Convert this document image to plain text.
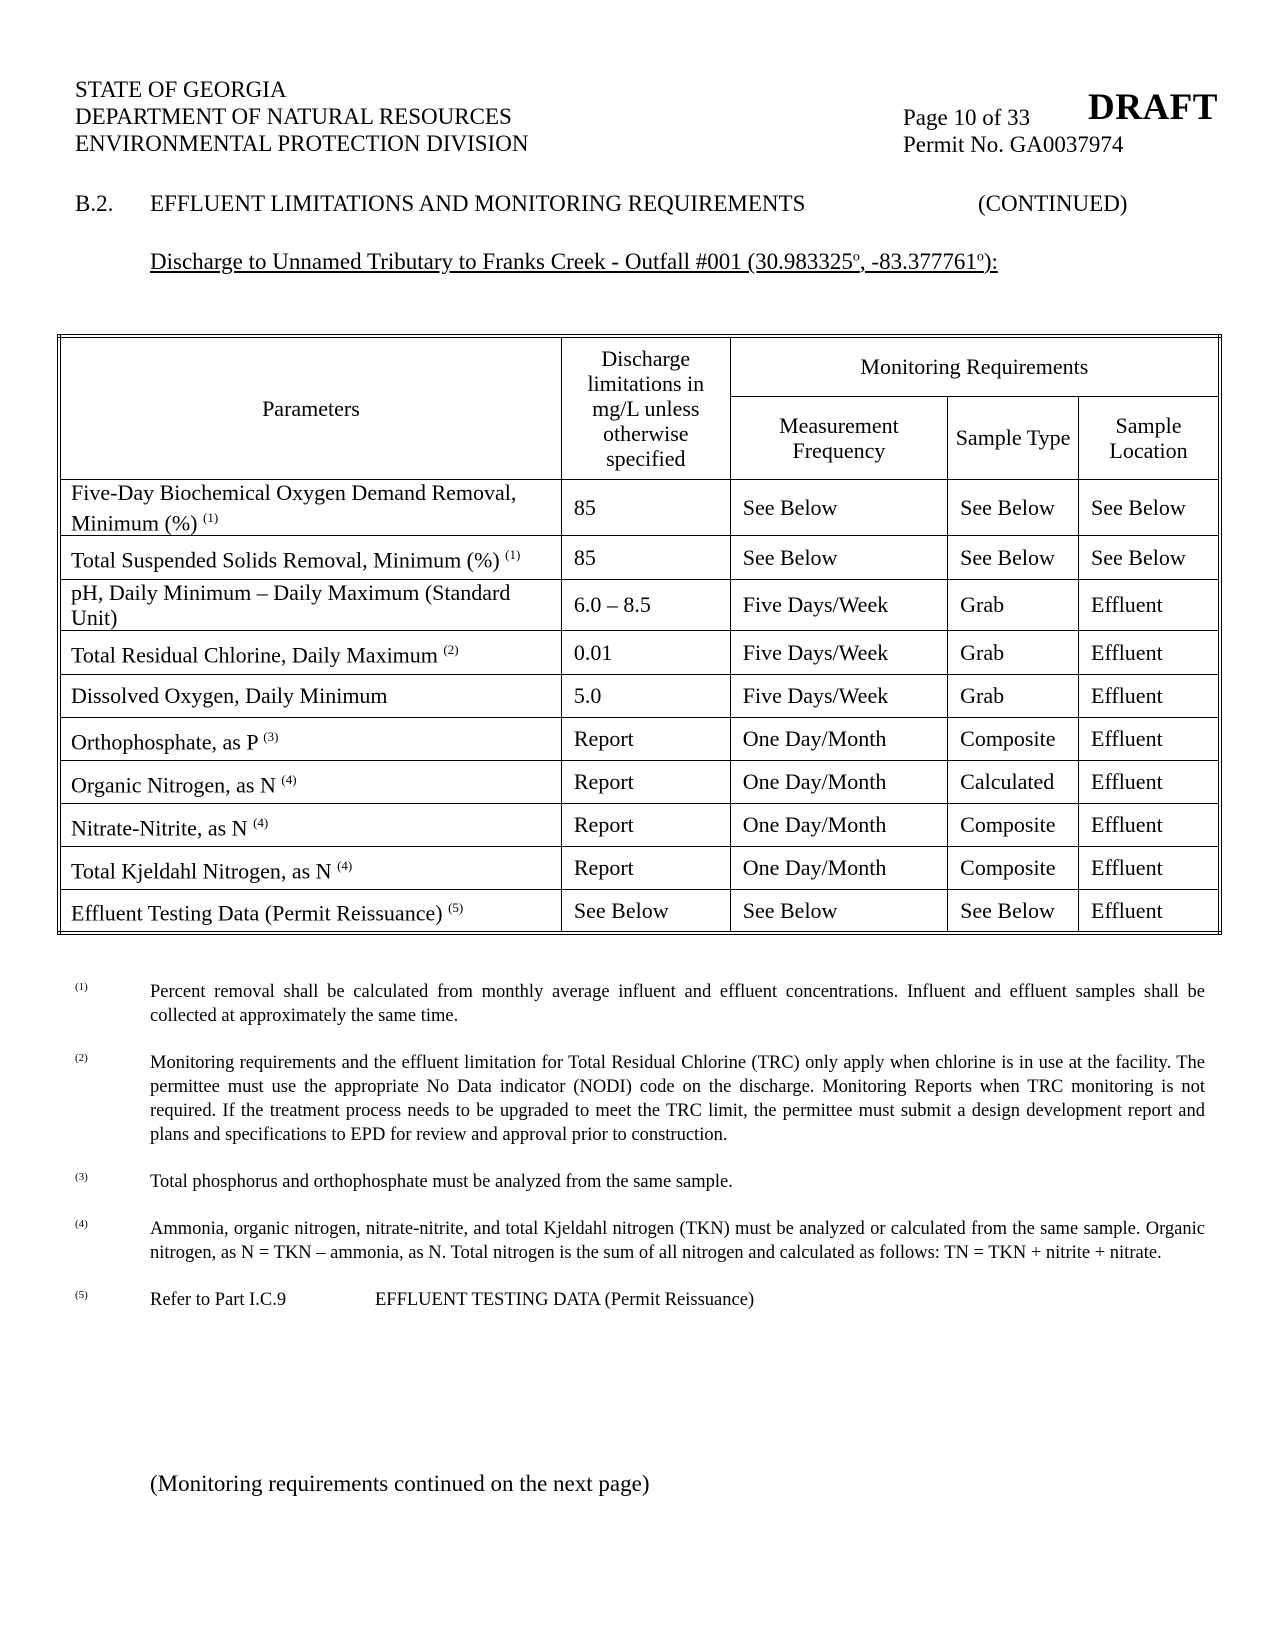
STATE OF GEORGIA
DEPARTMENT OF NATURAL RESOURCES
ENVIRONMENTAL PROTECTION DIVISION
Page 10 of 33
Permit No. GA0037974
DRAFT
B.2. EFFLUENT LIMITATIONS AND MONITORING REQUIREMENTS	(CONTINUED)
Discharge to Unnamed Tributary to Franks Creek - Outfall #001 (30.983325$^o$, -83.377761$^o$):
Parameters	Discharge limitations in mg/L unless otherwise specified	Monitoring Requirements		
		Measurement Frequency	Sample Type	Sample Location
Five-Day Biochemical Oxygen Demand Removal, Minimum (%) $^{(1)}$	85	See Below	See Below	See Below
Total Suspended Solids Removal, Minimum (%) $^{(1)}$	85	See Below	See Below	See Below
pH, Daily Minimum – Daily Maximum (Standard Unit)	6.0 – 8.5	Five Days/Week	Grab	Effluent
Total Residual Chlorine, Daily Maximum $^{(2)}$	0.01	Five Days/Week	Grab	Effluent
Dissolved Oxygen, Daily Minimum	5.0	Five Days/Week	Grab	Effluent
Orthophosphate, as P $^{(3)}$	Report	One Day/Month	Composite	Effluent
Organic Nitrogen, as N $^{(4)}$	Report	One Day/Month	Calculated	Effluent
Nitrate-Nitrite, as N $^{(4)}$	Report	One Day/Month	Composite	Effluent
Total Kjeldahl Nitrogen, as N $^{(4)}$	Report	One Day/Month	Composite	Effluent
Effluent Testing Data (Permit Reissuance) $^{(5)}$	See Below	See Below	See Below	Effluent
(1)	Percent removal shall be calculated from monthly average influent and effluent concentrations. Influent and effluent samples shall be collected at approximately the same time.
(2)	Monitoring requirements and the effluent limitation for Total Residual Chlorine (TRC) only apply when chlorine is in use at the facility. The permittee must use the appropriate No Data indicator (NODI) code on the discharge. Monitoring Reports when TRC monitoring is not required. If the treatment process needs to be upgraded to meet the TRC limit, the permittee must submit a design development report and plans and specifications to EPD for review and approval prior to construction.
(3)	Total phosphorus and orthophosphate must be analyzed from the same sample.
(4)	Ammonia, organic nitrogen, nitrate-nitrite, and total Kjeldahl nitrogen (TKN) must be analyzed or calculated from the same sample. Organic nitrogen, as N = TKN – ammonia, as N. Total nitrogen is the sum of all nitrogen and calculated as follows: TN = TKN + nitrite + nitrate.
(5)	Refer to Part I.C.9	EFFLUENT TESTING DATA (Permit Reissuance)
(Monitoring requirements continued on the next page)
